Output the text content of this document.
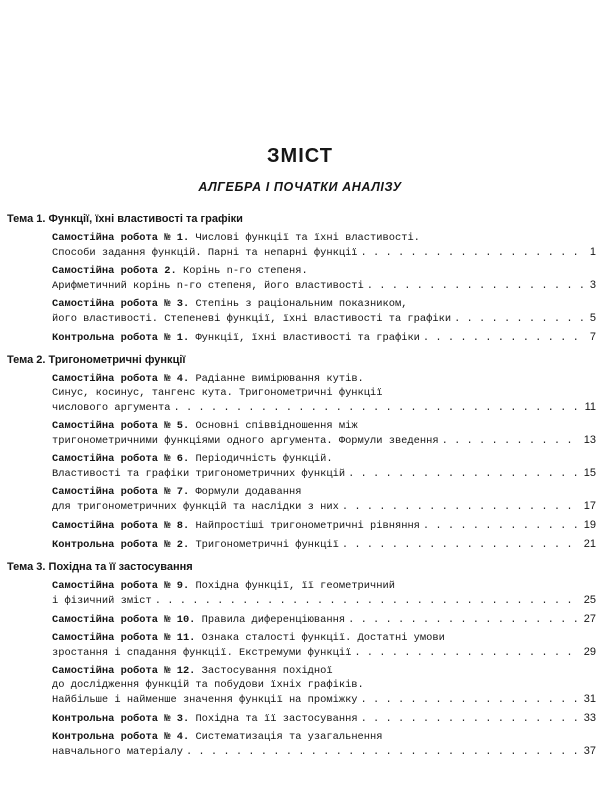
ЗМІСТ
АЛГЕБРА І ПОЧАТКИ АНАЛІЗУ
Тема 1. Функції, їхні властивості та графіки
Самостійна робота № 1. Числові функції та їхні властивості.
Способи задання функцій. Парні та непарні функції . . .	1
Самостійна робота 2. Корінь n-го степеня.
Арифметичний корінь n-го степеня, його властивості . . .	3
Самостійна робота № 3. Степінь з раціональним показником,
його властивості. Степеневі функції, їхні властивості та графіки . . .	5
Контрольна робота № 1. Функції, їхні властивості та графіки . . .	7
Тема 2. Тригонометричні функції
Самостійна робота № 4. Радіанне вимірювання кутів.
Синус, косинус, тангенс кута. Тригонометричні функції
числового аргумента . . .	11
Самостійна робота № 5. Основні співвідношення між
тригонометричними функціями одного аргумента. Формули зведення . . .	13
Самостійна робота № 6. Періодичність функцій.
Властивості та графіки тригонометричних функцій . . .	15
Самостійна робота № 7. Формули додавання
для тригонометричних функцій та наслідки з них . . .	17
Самостійна робота № 8. Найпростіші тригонометричні рівняння . . .	19
Контрольна робота № 2. Тригонометричні функції . . .	21
Тема 3. Похідна та її застосування
Самостійна робота № 9. Похідна функції, її геометричний
і фізичний зміст . . .	25
Самостійна робота № 10. Правила диференціювання . . .	27
Самостійна робота № 11. Ознака сталості функції. Достатні умови
зростання і спадання функції. Екстремуми функції . . .	29
Самостійна робота № 12. Застосування похідної
до дослідження функцій та побудови їхніх графіків.
Найбільше і найменше значення функції на проміжку . . .	31
Контрольна робота № 3. Похідна та її застосування . . .	33
Контрольна робота № 4. Систематизація та узагальнення
навчального матеріалу . . .	37
